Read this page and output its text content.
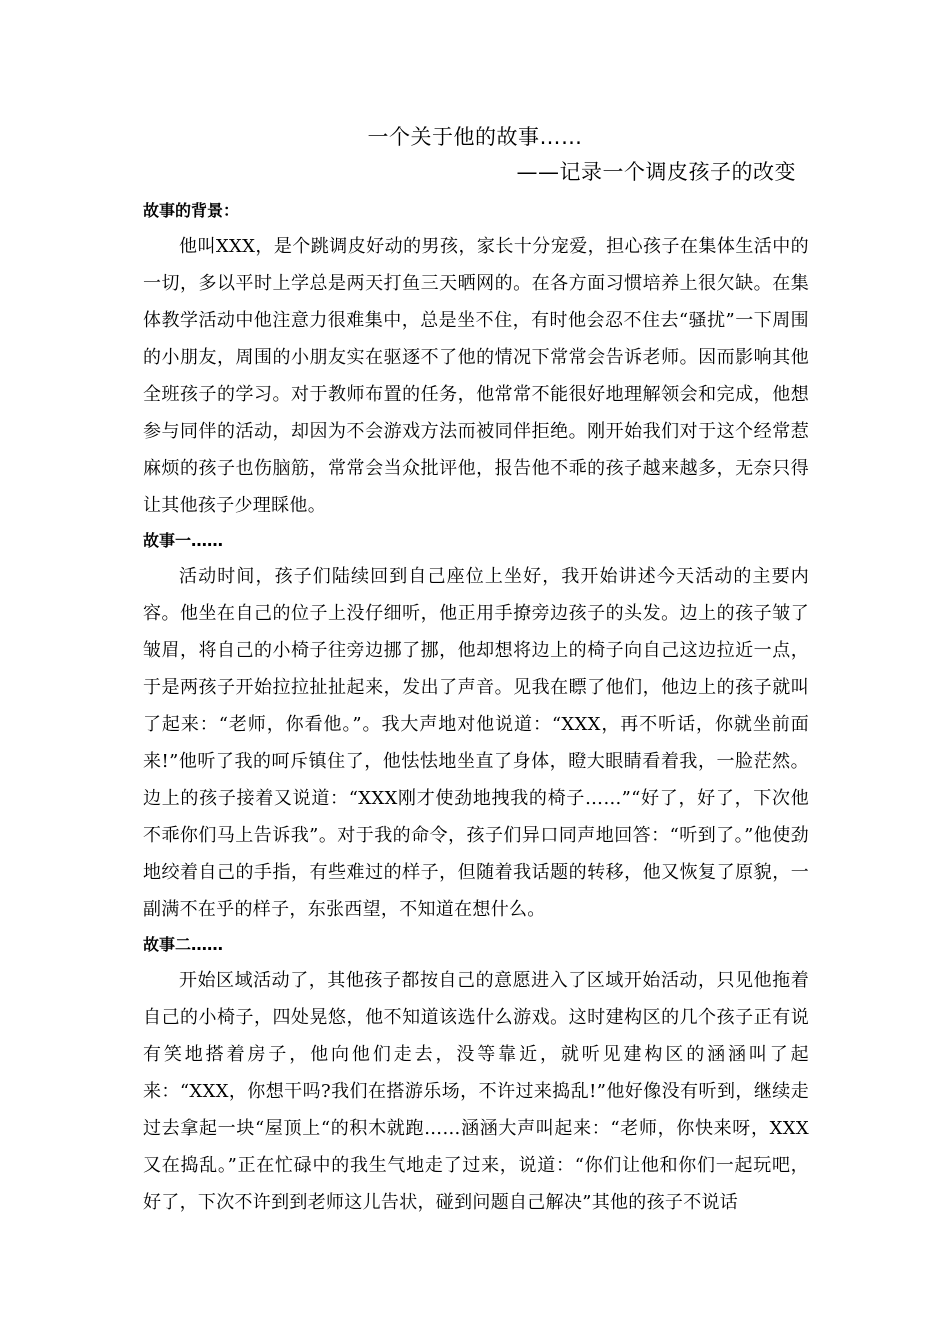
一个关于他的故事……
——记录一个调皮孩子的改变

故事的背景：

他叫XXX，是个跳调皮好动的男孩，家长十分宠爱，担心孩子在集体生活中的一切，多以平时上学总是两天打鱼三天晒网的。在各方面习惯培养上很欠缺。在集体教学活动中他注意力很难集中，总是坐不住，有时他会忍不住去“骚扰”一下周围的小朋友，周围的小朋友实在驱逐不了他的情况下常常会告诉老师。因而影响其他全班孩子的学习。对于教师布置的任务，他常常不能很好地理解领会和完成，他想参与同伴的活动，却因为不会游戏方法而被同伴拒绝。刚开始我们对于这个经常惹麻烦的孩子也伤脑筋，常常会当众批评他，报告他不乖的孩子越来越多，无奈只得让其他孩子少理睬他。

故事一……

活动时间，孩子们陆续回到自己座位上坐好，我开始讲述今天活动的主要内容。他坐在自己的位子上没仔细听，他正用手撩旁边孩子的头发。边上的孩子皱了皱眉，将自己的小椅子往旁边挪了挪，他却想将边上的椅子向自己这边拉近一点，于是两孩子开始拉拉扯扯起来，发出了声音。见我在瞟了他们，他边上的孩子就叫了起来：“老师，你看他。”。我大声地对他说道：“XXX，再不听话，你就坐前面来!”他听了我的呵斥镇住了，他怯怯地坐直了身体，瞪大眼睛看着我，一脸茫然。边上的孩子接着又说道：“XXX刚才使劲地拽我的椅子……”“好了，好了，下次他不乖你们马上告诉我”。对于我的命令，孩子们异口同声地回答：“听到了。”他使劲地绞着自己的手指，有些难过的样子，但随着我话题的转移，他又恢复了原貌，一副满不在乎的样子，东张西望，不知道在想什么。

故事二……

开始区域活动了，其他孩子都按自己的意愿进入了区域开始活动，只见他拖着自己的小椅子，四处晃悠，他不知道该选什么游戏。这时建构区的几个孩子正有说有笑地搭着房子，他向他们走去，没等靠近，就听见建构区的涵涵叫了起来：“XXX，你想干吗?我们在搭游乐场，不许过来捣乱!”他好像没有听到，继续走过去拿起一块“屋顶上“的积木就跑……涵涵大声叫起来：“老师，你快来呀，XXX又在捣乱。”正在忙碌中的我生气地走了过来，说道：“你们让他和你们一起玩吧，好了，下次不许到到老师这儿告状，碰到问题自己解决”其他的孩子不说话
